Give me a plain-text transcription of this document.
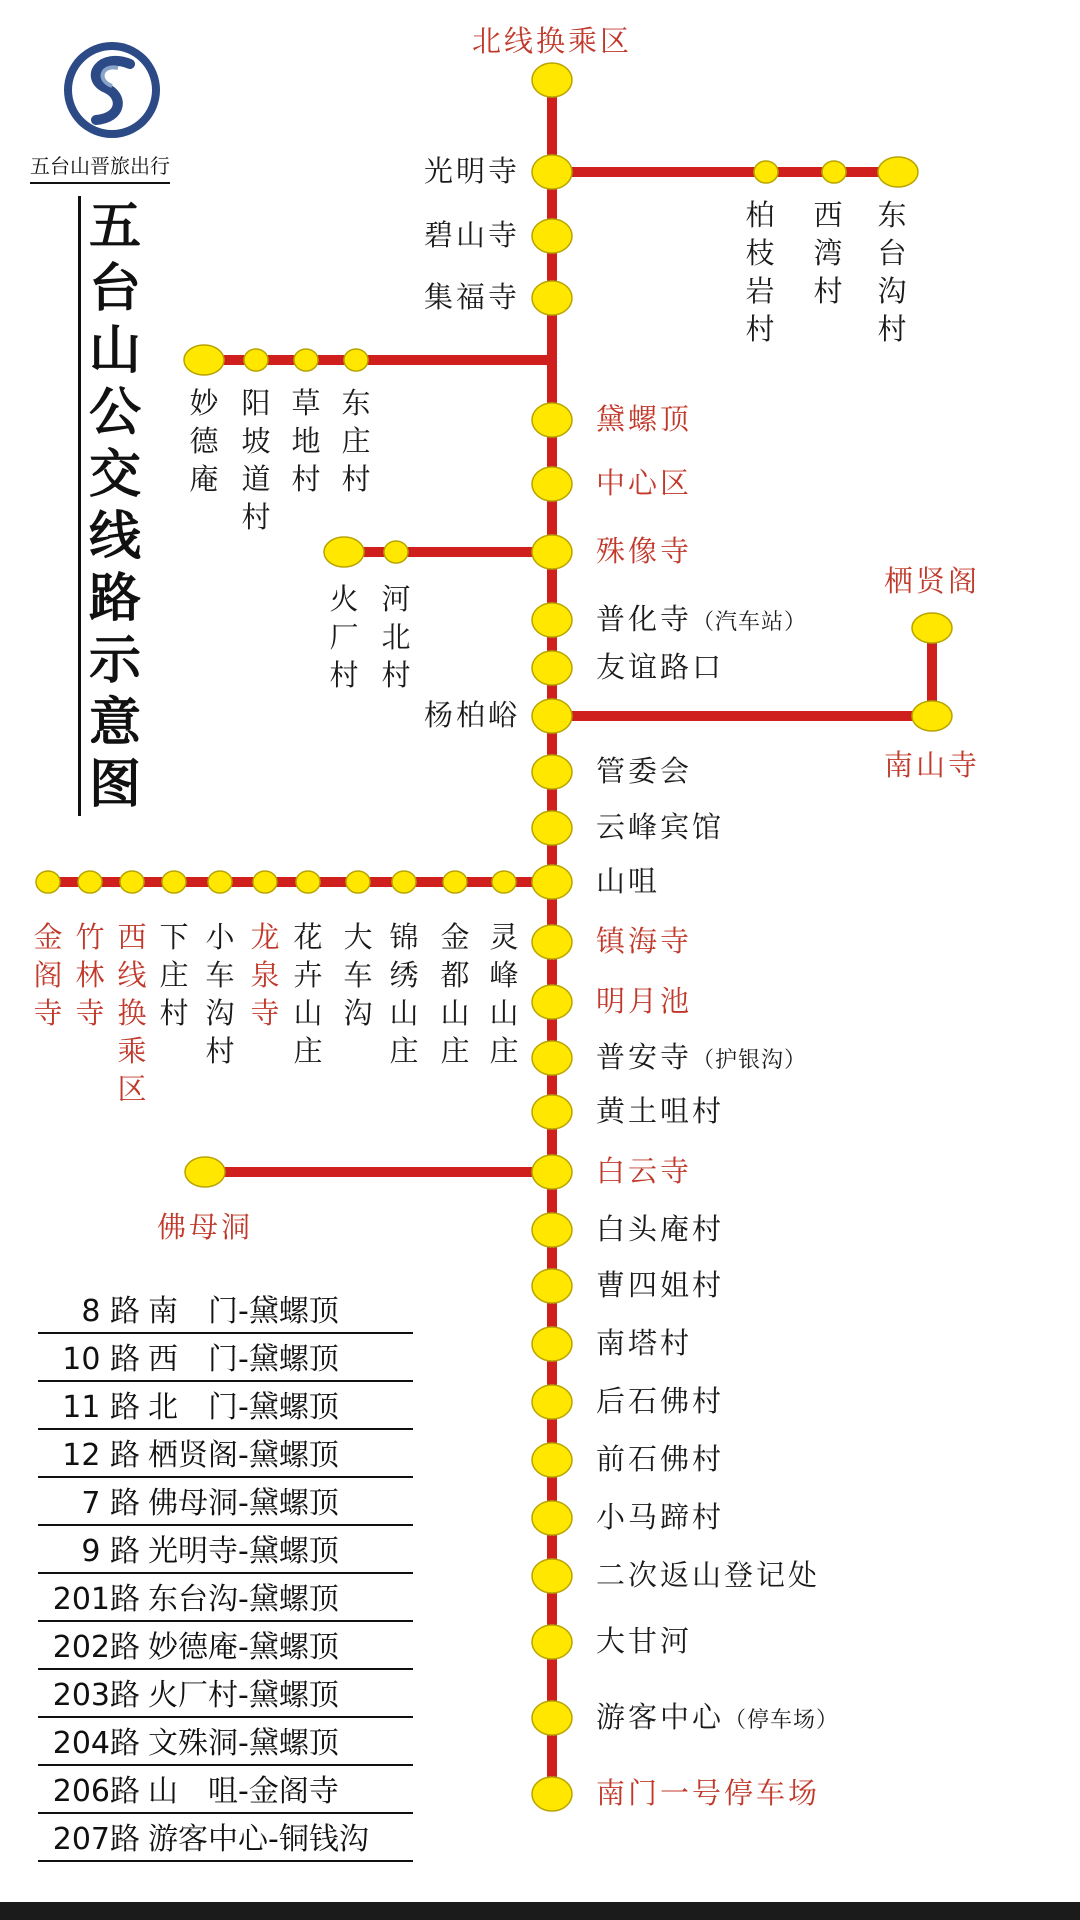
五台山晋旅出行
五台山公交线路示意图
北线换乘区
光明寺
碧山寺
集福寺
黛螺顶
中心区
殊像寺
普化寺（汽车站）
友谊路口
杨柏峪
管委会
云峰宾馆
山咀
镇海寺
明月池
普安寺（护银沟）
黄土咀村
白云寺
白头庵村
曹四姐村
南塔村
后石佛村
前石佛村
小马蹄村
二次返山登记处
大甘河
游客中心（停车场）
南门一号停车场
柏枝岩村
西湾村
东台沟村
东庄村
草地村
阳坡道村
妙德庵
河北村
火厂村
南山寺
栖贤阁
灵峰山庄
金都山庄
锦绣山庄
大车沟
花卉山庄
龙泉寺
小车沟村
下庄村
西线换乘区
竹林寺
金阁寺
佛母洞
8 路 南　门-黛螺顶
10 路 西　门-黛螺顶
11 路 北　门-黛螺顶
12 路 栖贤阁-黛螺顶
7 路 佛母洞-黛螺顶
9 路 光明寺-黛螺顶
201路 东台沟-黛螺顶
202路 妙德庵-黛螺顶
203路 火厂村-黛螺顶
204路 文殊洞-黛螺顶
206路 山　咀-金阁寺
207路 游客中心-铜钱沟
